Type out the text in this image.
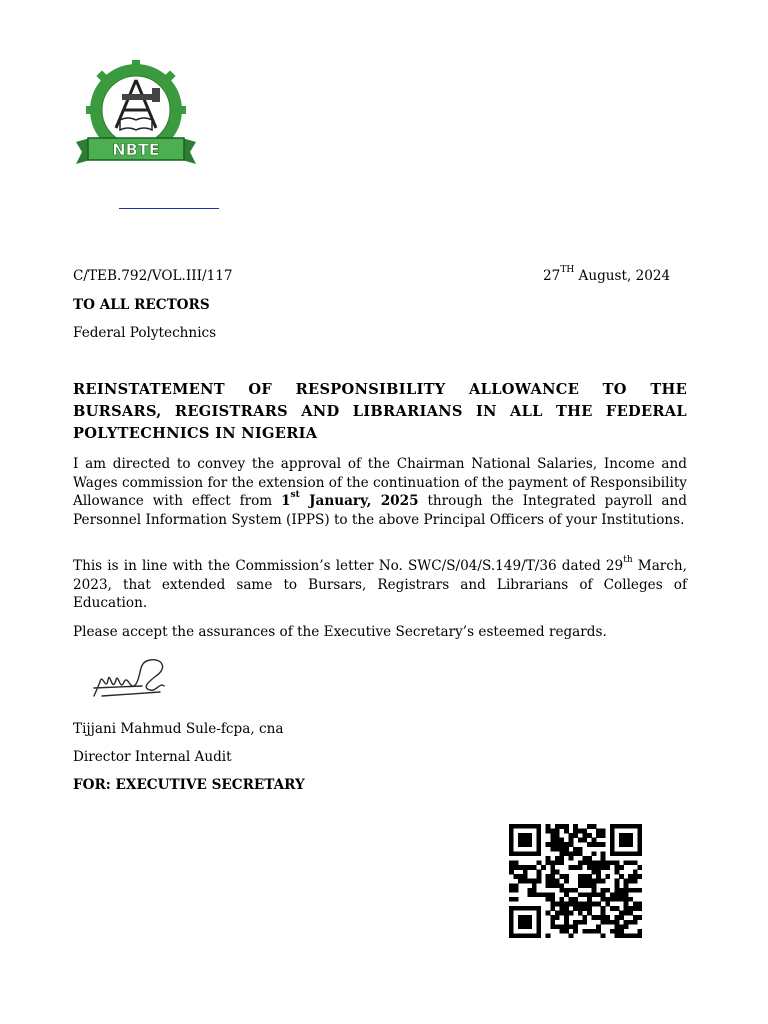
NBTE
C/TEB.792/VOL.III/117	27TH August, 2024
TO ALL RECTORS
Federal Polytechnics
REINSTATEMENT OF RESPONSIBILITY ALLOWANCE TO THE BURSARS, REGISTRARS AND LIBRARIANS IN ALL THE FEDERAL POLYTECHNICS IN NIGERIA
I am directed to convey the approval of the Chairman National Salaries, Income and Wages commission for the extension of the continuation of the payment of Responsibility Allowance with effect from 1st January, 2025 through the Integrated payroll and Personnel Information System (IPPS) to the above Principal Officers of your Institutions.
This is in line with the Commission’s letter No. SWC/S/04/S.149/T/36 dated 29th March, 2023, that extended same to Bursars, Registrars and Librarians of Colleges of Education.
Please accept the assurances of the Executive Secretary’s esteemed regards.
Tijjani Mahmud Sule-fcpa, cna
Director Internal Audit
FOR: EXECUTIVE SECRETARY
